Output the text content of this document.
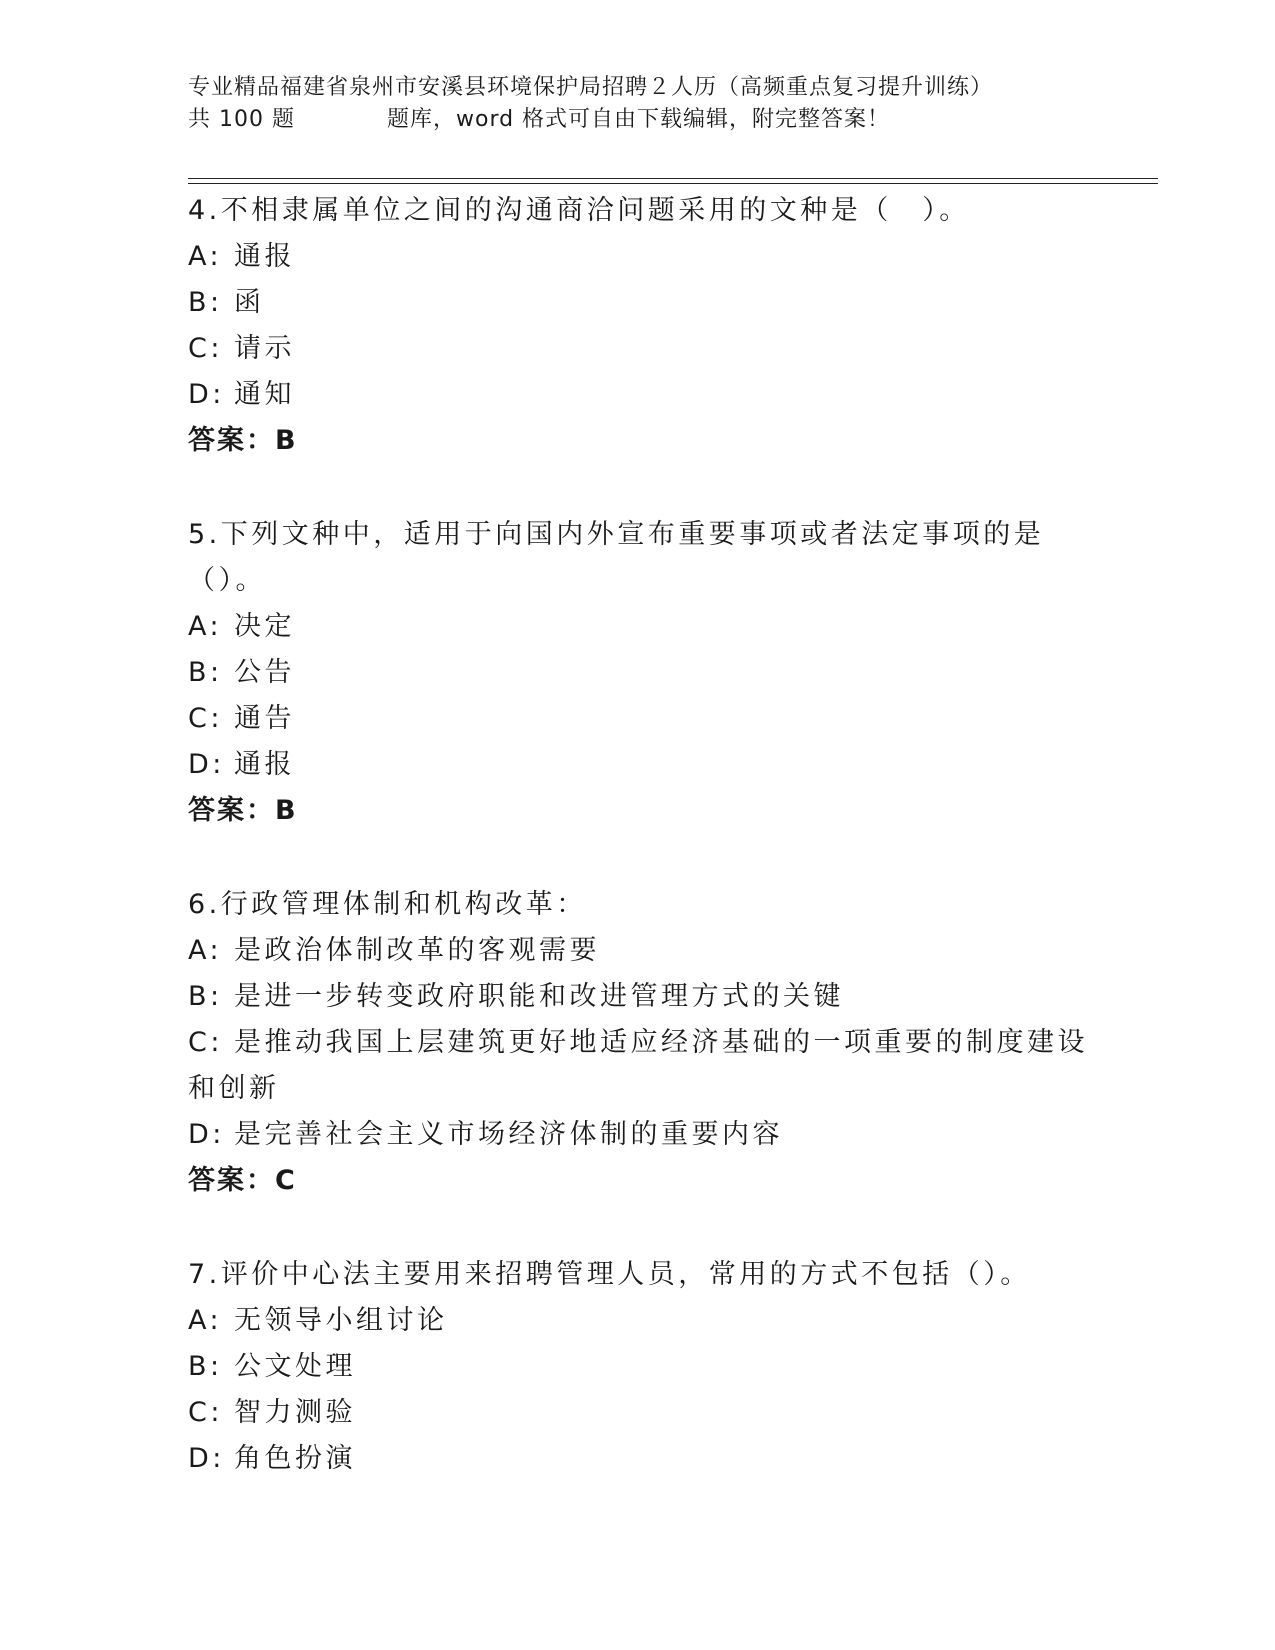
专业精品福建省泉州市安溪县环境保护局招聘２人历（高频重点复习提升训练）
共 100 题	题库，word 格式可自由下载编辑，附完整答案！
4.不相隶属单位之间的沟通商洽问题采用的文种是（　）。
A: 通报
B: 函
C: 请示
D: 通知
答案：B
5.下列文种中，适用于向国内外宣布重要事项或者法定事项的是（）。
A: 决定
B: 公告
C: 通告
D: 通报
答案：B
6.行政管理体制和机构改革：
A: 是政治体制改革的客观需要
B: 是进一步转变政府职能和改进管理方式的关键
C: 是推动我国上层建筑更好地适应经济基础的一项重要的制度建设和创新
D: 是完善社会主义市场经济体制的重要内容
答案：C
7.评价中心法主要用来招聘管理人员，常用的方式不包括（）。
A: 无领导小组讨论
B: 公文处理
C: 智力测验
D: 角色扮演
